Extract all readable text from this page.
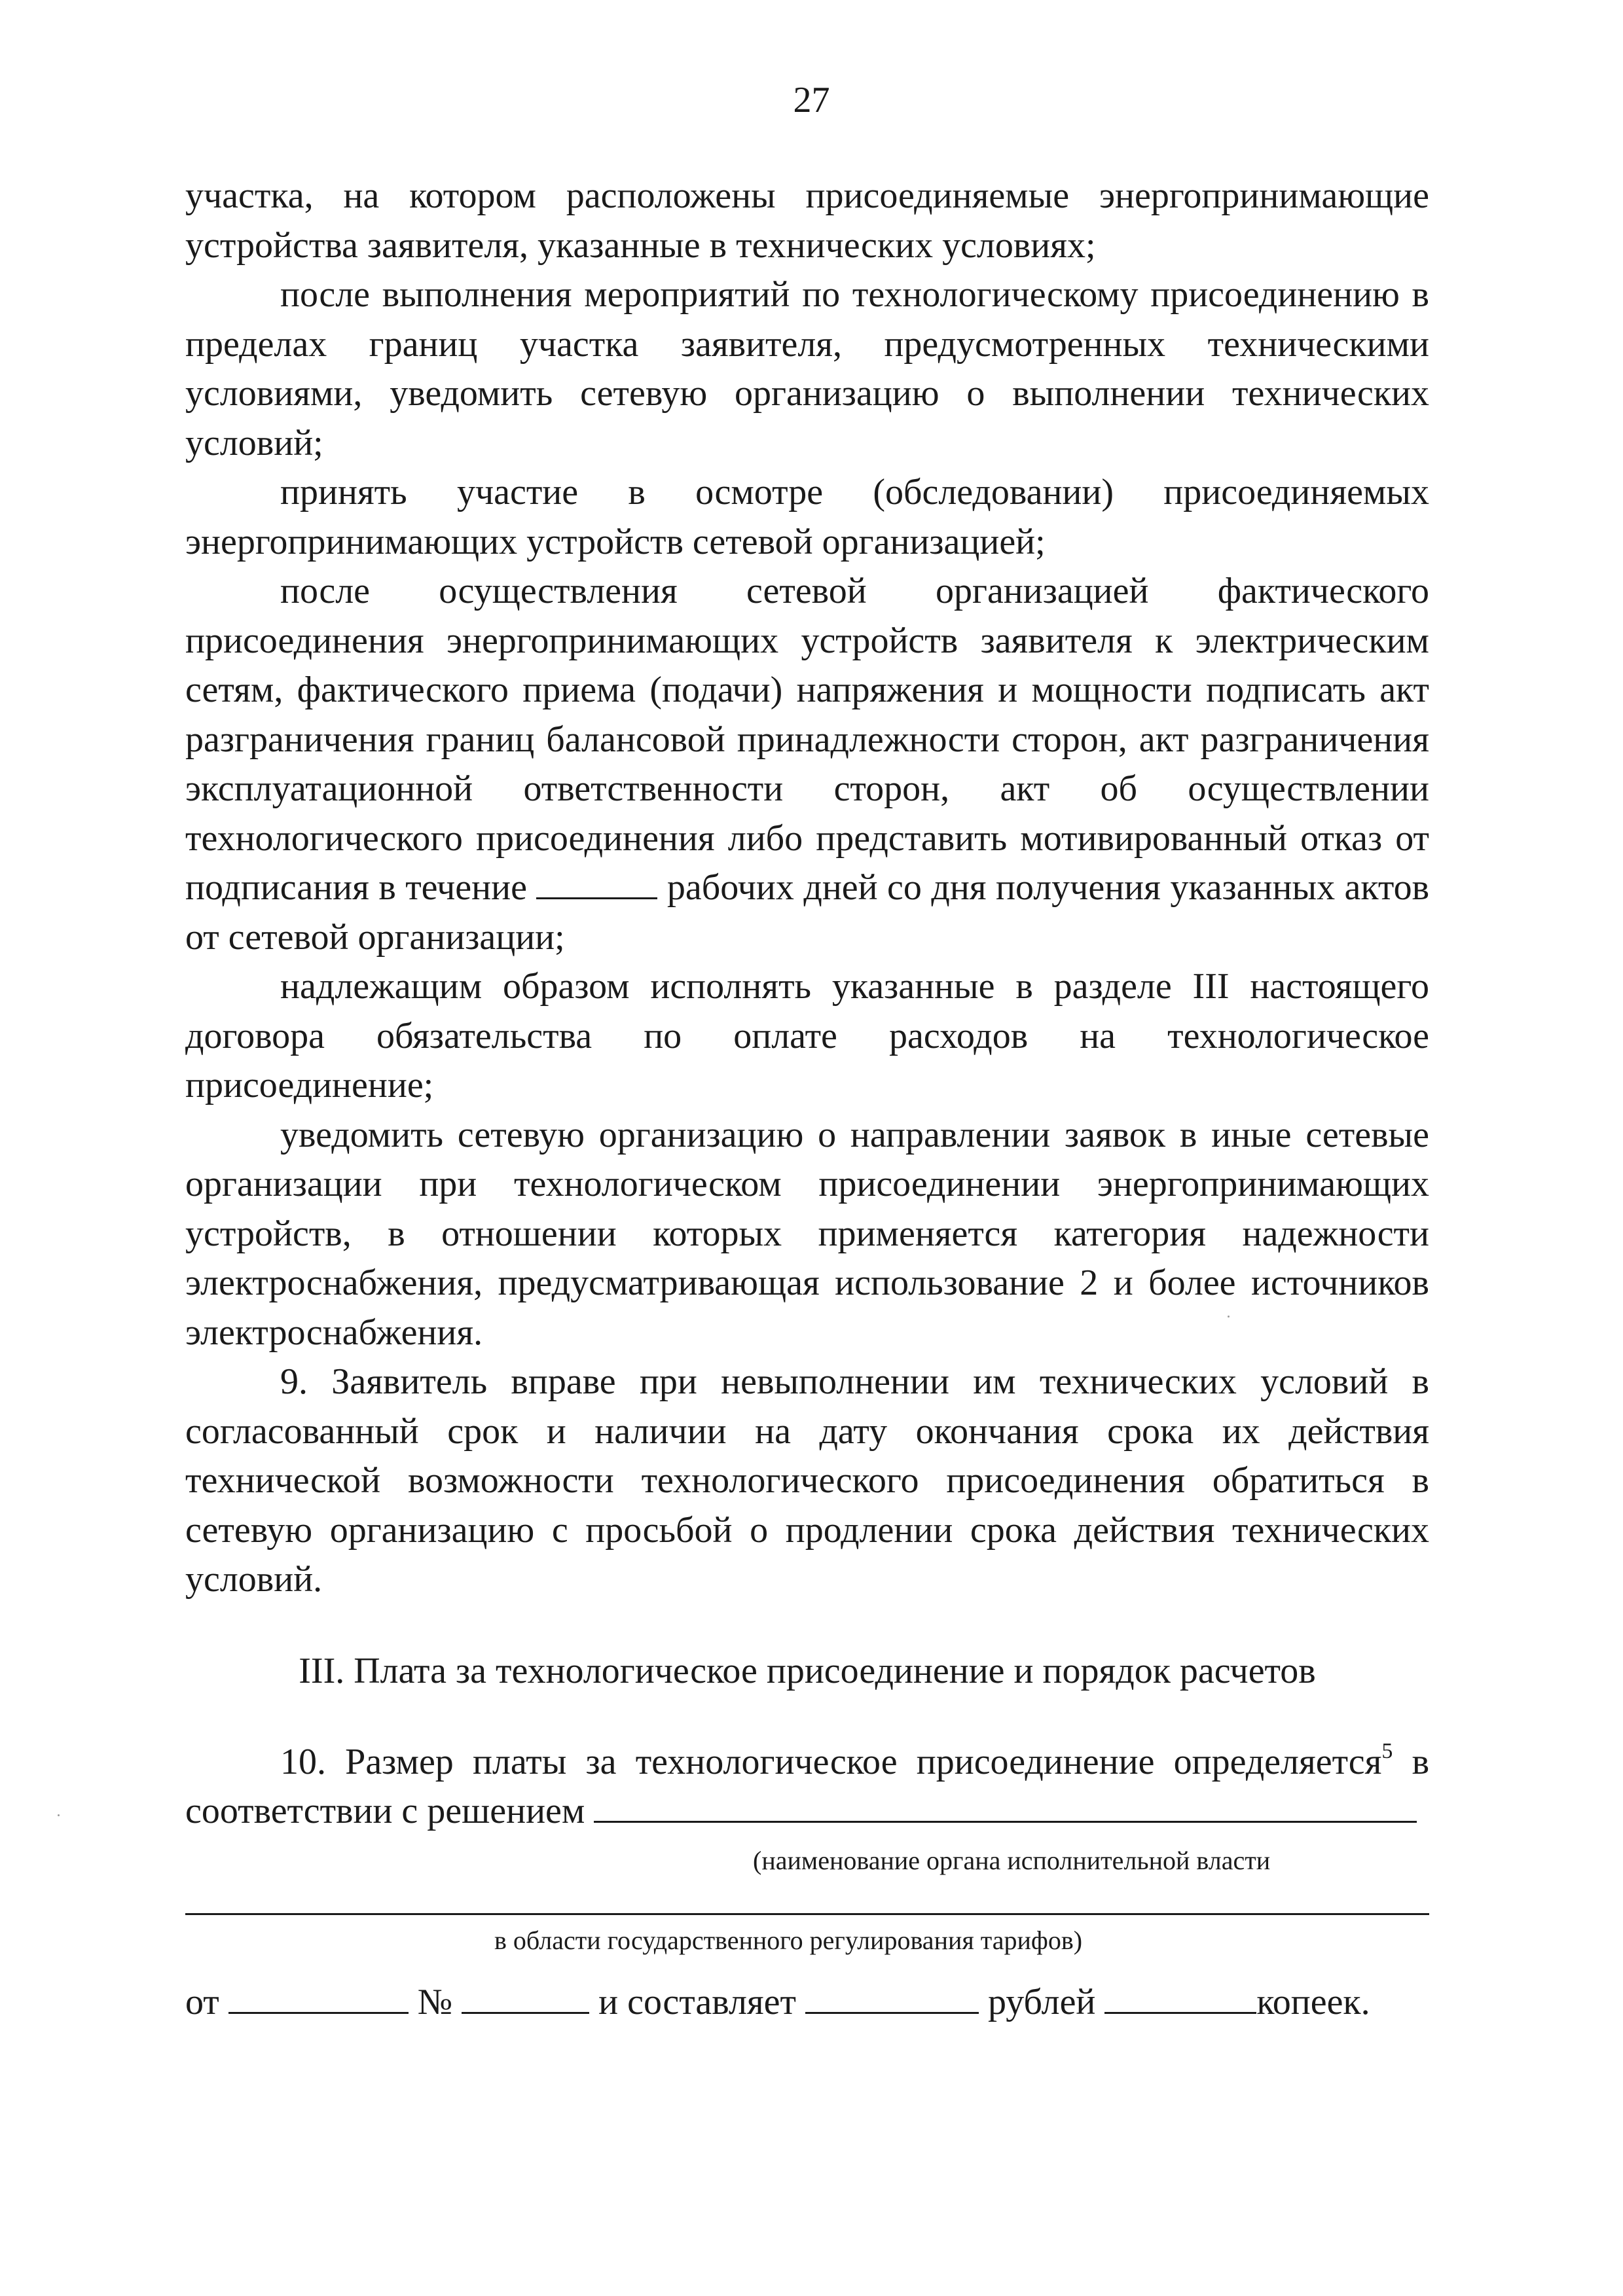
27

участка, на котором расположены присоединяемые энергопринимающие устройства заявителя, указанные в технических условиях;

после выполнения мероприятий по технологическому присоединению в пределах границ участка заявителя, предусмотренных техническими условиями, уведомить сетевую организацию о выполнении технических условий;

принять участие в осмотре (обследовании) присоединяемых энергопринимающих устройств сетевой организацией;

после осуществления сетевой организацией фактического присоединения энергопринимающих устройств заявителя к электрическим сетям, фактического приема (подачи) напряжения и мощности подписать акт разграничения границ балансовой принадлежности сторон, акт разграничения эксплуатационной ответственности сторон, акт об осуществлении технологического присоединения либо представить мотивированный отказ от подписания в течение	рабочих дней со дня получения указанных актов от сетевой организации;

надлежащим образом исполнять указанные в разделе III настоящего договора обязательства по оплате расходов на технологическое присоединение;

уведомить сетевую организацию о направлении заявок в иные сетевые организации при технологическом присоединении энергопринимающих устройств, в отношении которых применяется категория надежности электроснабжения, предусматривающая использование 2 и более источников электроснабжения.

9. Заявитель вправе при невыполнении им технических условий в согласованный срок и наличии на дату окончания срока их действия технической возможности технологического присоединения обратиться в сетевую организацию с просьбой о продлении срока действия технических условий.

III. Плата за технологическое присоединение и порядок расчетов

10. Размер платы за технологическое присоединение определяется$^5$ в

соответствии с решением

(наименование органа исполнительной власти
в области государственного регулирования тарифов)
от	№	и составляет	рублей	копеек.
